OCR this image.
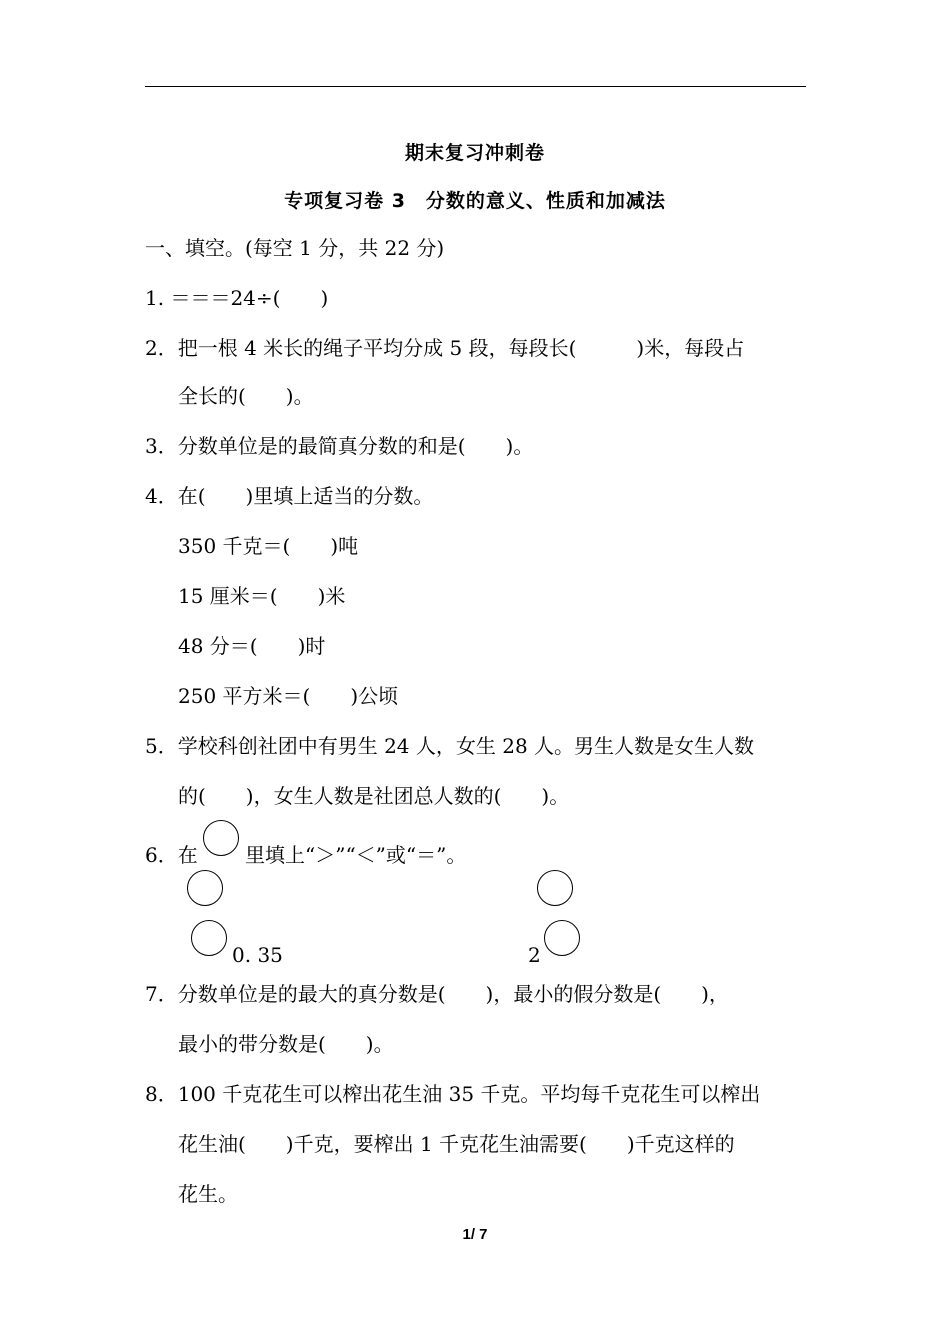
期末复习冲刺卷
专项复习卷 3　分数的意义、性质和加减法
一、填空。(每空 1 分，共 22 分)
1. ＝＝＝24÷(　　)
2．把一根 4 米长的绳子平均分成 5 段，每段长(　　　)米，每段占
全长的(　　)。
3．分数单位是的最简真分数的和是(　　)。
4．在(　　)里填上适当的分数。
350 千克＝(　　)吨
15 厘米＝(　　)米
48 分＝(　　)时
250 平方米＝(　　)公顷
5．学校科创社团中有男生 24 人，女生 28 人。男生人数是女生人数
的(　　)，女生人数是社团总人数的(　　)。
6．在 里填上“＞”“＜”或“＝”。
0. 35	2
7．分数单位是的最大的真分数是(　　)，最小的假分数是(　　)，
最小的带分数是(　　)。
8．100 千克花生可以榨出花生油 35 千克。平均每千克花生可以榨出
花生油(　　)千克，要榨出 1 千克花生油需要(　　)千克这样的
花生。
1/ 7
